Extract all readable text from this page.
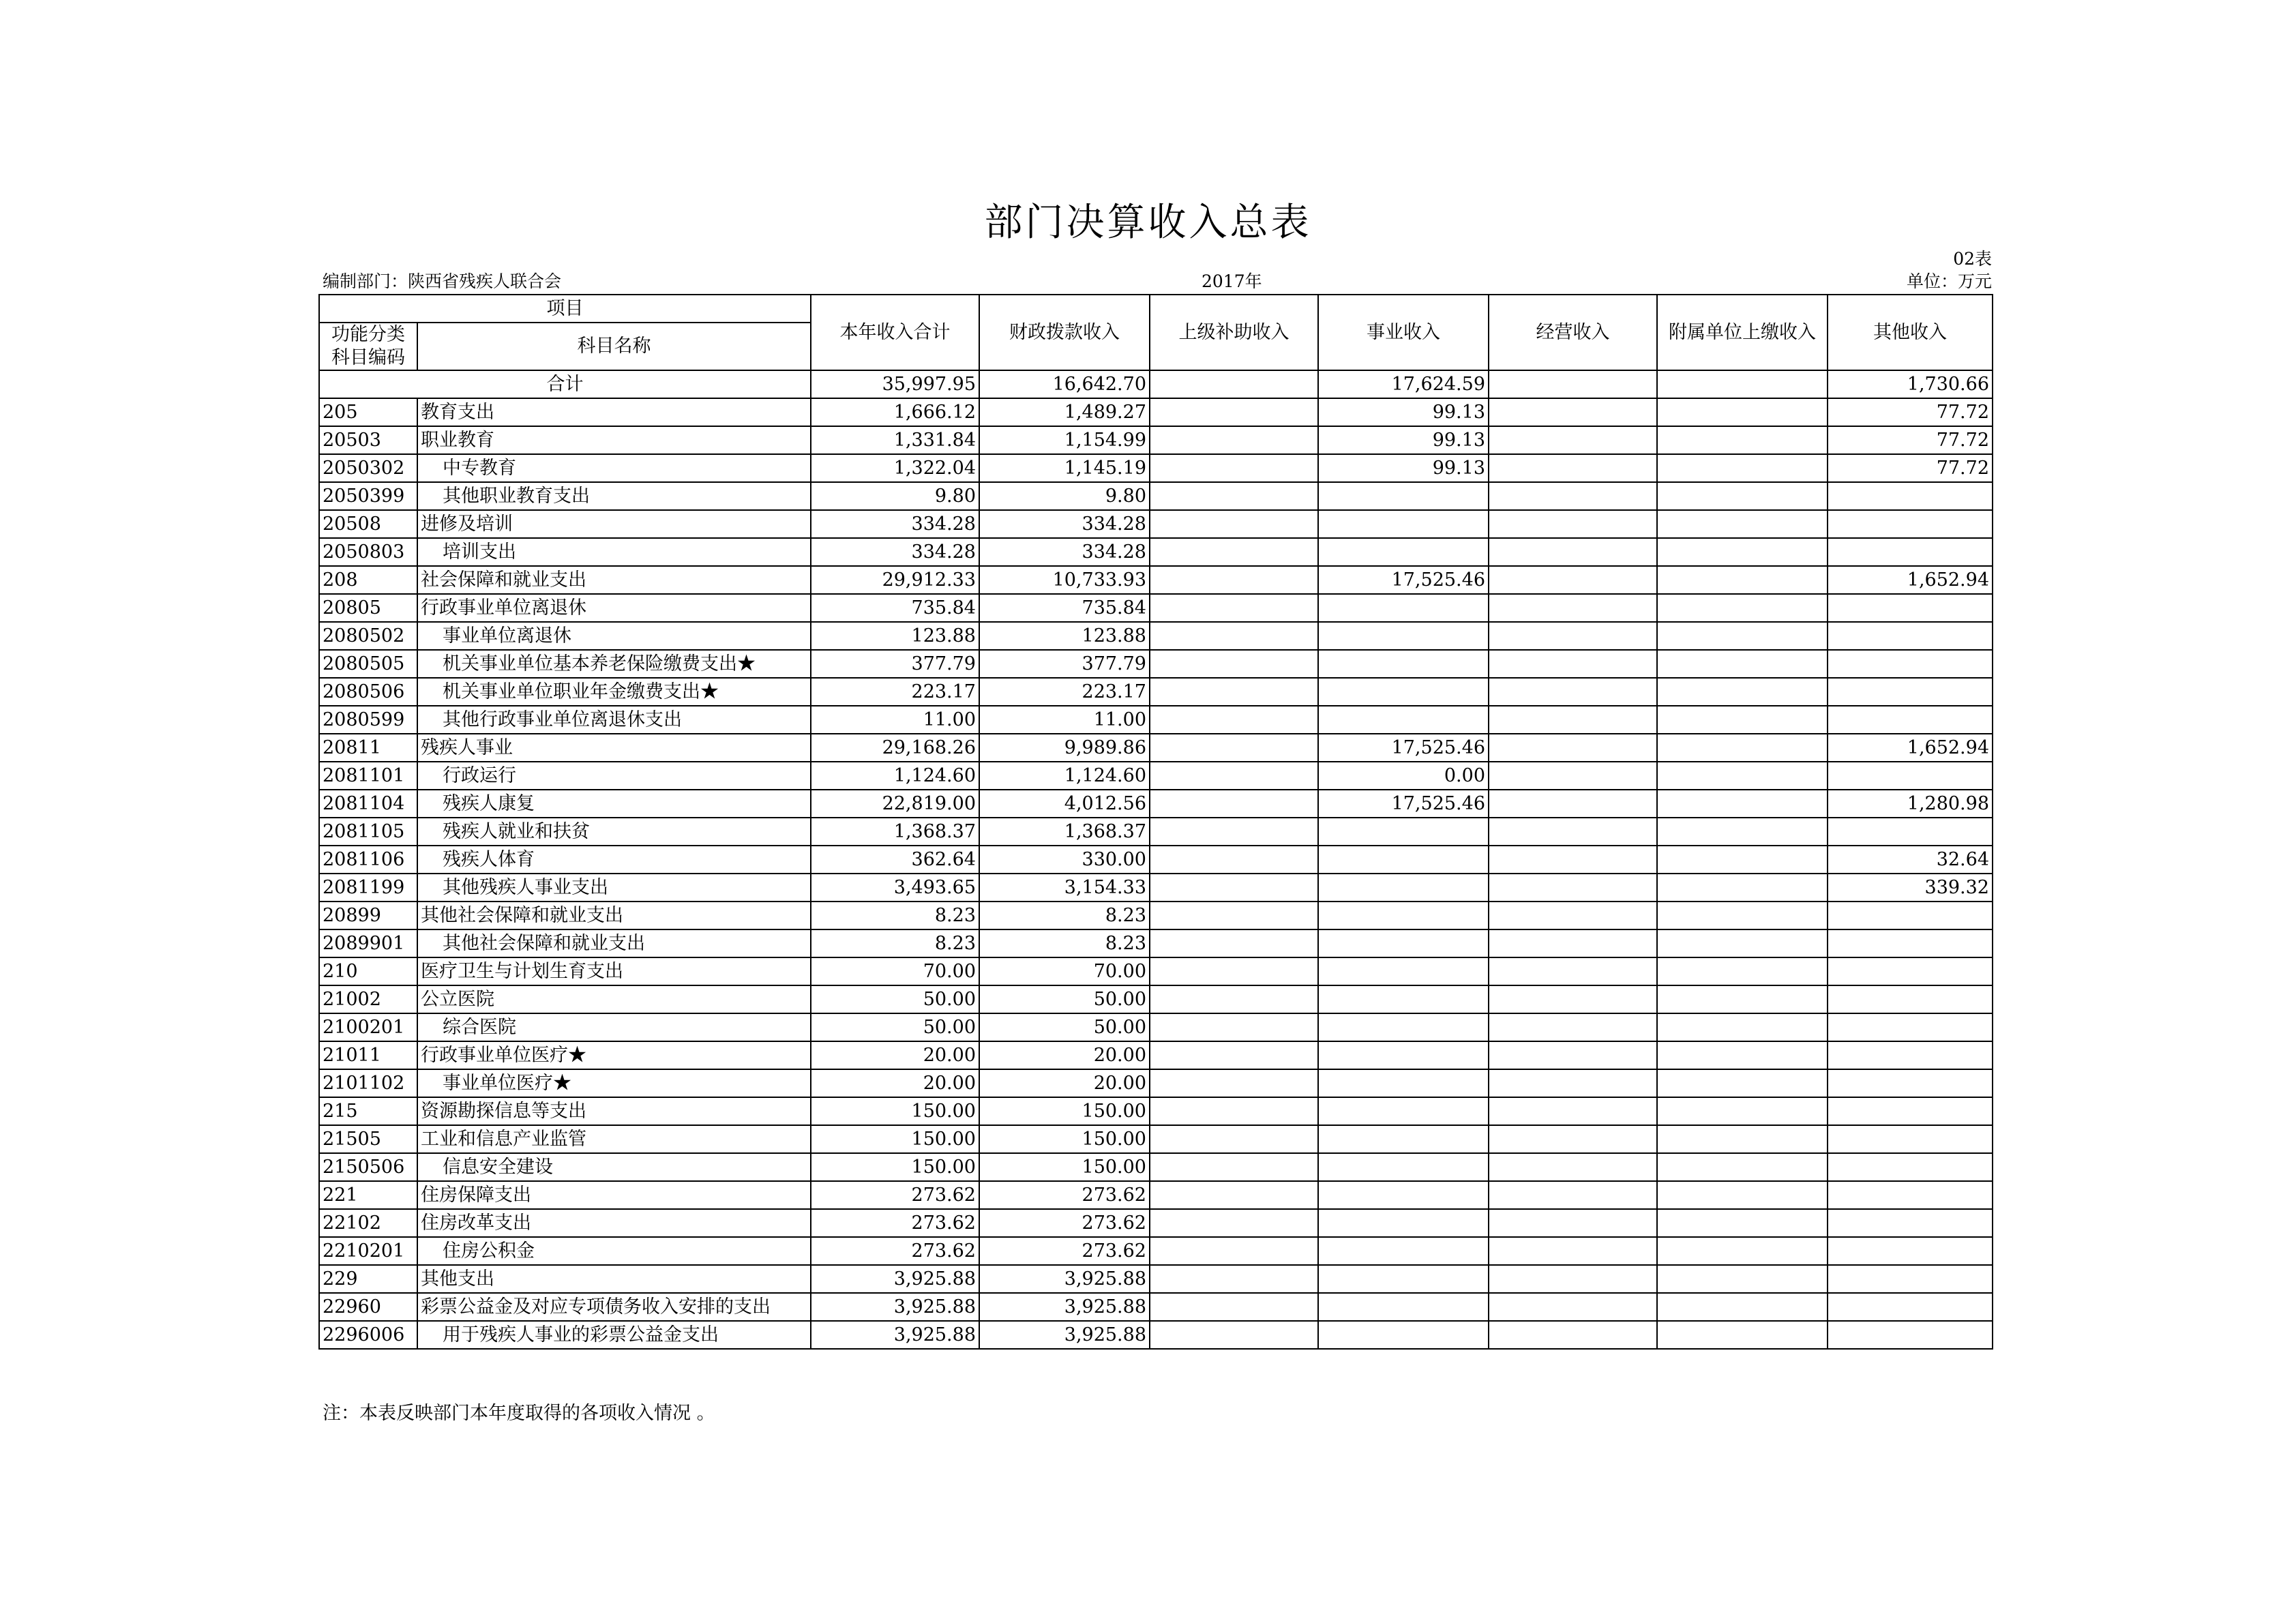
部门决算收入总表
02表
编制部门：陕西省残疾人联合会	2017年	单位：万元
项目		本年收入合计	财政拨款收入	上级补助收入	事业收入	经营收入	附属单位上缴收入	其他收入
功能分类科目编码	科目名称							
合计		35,997.95	16,642.70		17,624.59			1,730.66
205	教育支出	1,666.12	1,489.27		99.13			77.72
20503	职业教育	1,331.84	1,154.99		99.13			77.72
2050302	中专教育	1,322.04	1,145.19		99.13			77.72
2050399	其他职业教育支出	9.80	9.80					
20508	进修及培训	334.28	334.28					
2050803	培训支出	334.28	334.28					
208	社会保障和就业支出	29,912.33	10,733.93		17,525.46			1,652.94
20805	行政事业单位离退休	735.84	735.84					
2080502	事业单位离退休	123.88	123.88					
2080505	机关事业单位基本养老保险缴费支出★	377.79	377.79					
2080506	机关事业单位职业年金缴费支出★	223.17	223.17					
2080599	其他行政事业单位离退休支出	11.00	11.00					
20811	残疾人事业	29,168.26	9,989.86		17,525.46			1,652.94
2081101	行政运行	1,124.60	1,124.60		0.00			
2081104	残疾人康复	22,819.00	4,012.56		17,525.46			1,280.98
2081105	残疾人就业和扶贫	1,368.37	1,368.37					
2081106	残疾人体育	362.64	330.00					32.64
2081199	其他残疾人事业支出	3,493.65	3,154.33					339.32
20899	其他社会保障和就业支出	8.23	8.23					
2089901	其他社会保障和就业支出	8.23	8.23					
210	医疗卫生与计划生育支出	70.00	70.00					
21002	公立医院	50.00	50.00					
2100201	综合医院	50.00	50.00					
21011	行政事业单位医疗★	20.00	20.00					
2101102	事业单位医疗★	20.00	20.00					
215	资源勘探信息等支出	150.00	150.00					
21505	工业和信息产业监管	150.00	150.00					
2150506	信息安全建设	150.00	150.00					
221	住房保障支出	273.62	273.62					
22102	住房改革支出	273.62	273.62					
2210201	住房公积金	273.62	273.62					
229	其他支出	3,925.88	3,925.88					
22960	彩票公益金及对应专项债务收入安排的支出	3,925.88	3,925.88					
2296006	用于残疾人事业的彩票公益金支出	3,925.88	3,925.88					
注：本表反映部门本年度取得的各项收入情况 。
